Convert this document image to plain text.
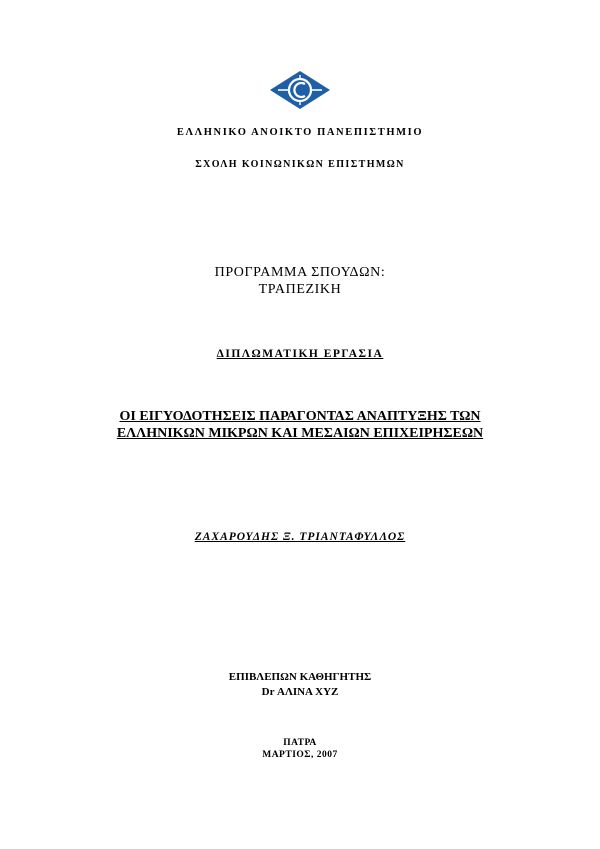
ΕΛΛΗΝΙΚΟ ΑΝΟΙΚΤΟ ΠΑΝΕΠΙΣΤΗΜΙΟ
ΣΧΟΛΗ ΚΟΙΝΩΝΙΚΩΝ ΕΠΙΣΤΗΜΩΝ
ΠΡΟΓΡΑΜΜΑ ΣΠΟΥΔΩΝ:
ΤΡΑΠΕΖΙΚΗ
ΔΙΠΛΩΜΑΤΙΚΗ ΕΡΓΑΣΙΑ
ΟΙ ΕΙΓΥΟΔΟΤΗΣΕΙΣ ΠΑΡΑΓΟΝΤΑΣ ΑΝΑΠΤΥΞΗΣ ΤΩΝ
ΕΛΛΗΝΙΚΩΝ ΜΙΚΡΩΝ ΚΑΙ ΜΕΣΑΙΩΝ ΕΠΙΧΕΙΡΗΣΕΩΝ
ΖΑΧΑΡΟΥΔΗΣ Ξ. ΤΡΙΑΝΤΑΦΥΛΛΟΣ
ΕΠΙΒΛΕΠΩΝ ΚΑΘΗΓΗΤΗΣ
Dr ΑΛΙΝΑ ΧΥΖ
ΠΑΤΡΑ
ΜΑΡΤΙΟΣ, 2007
